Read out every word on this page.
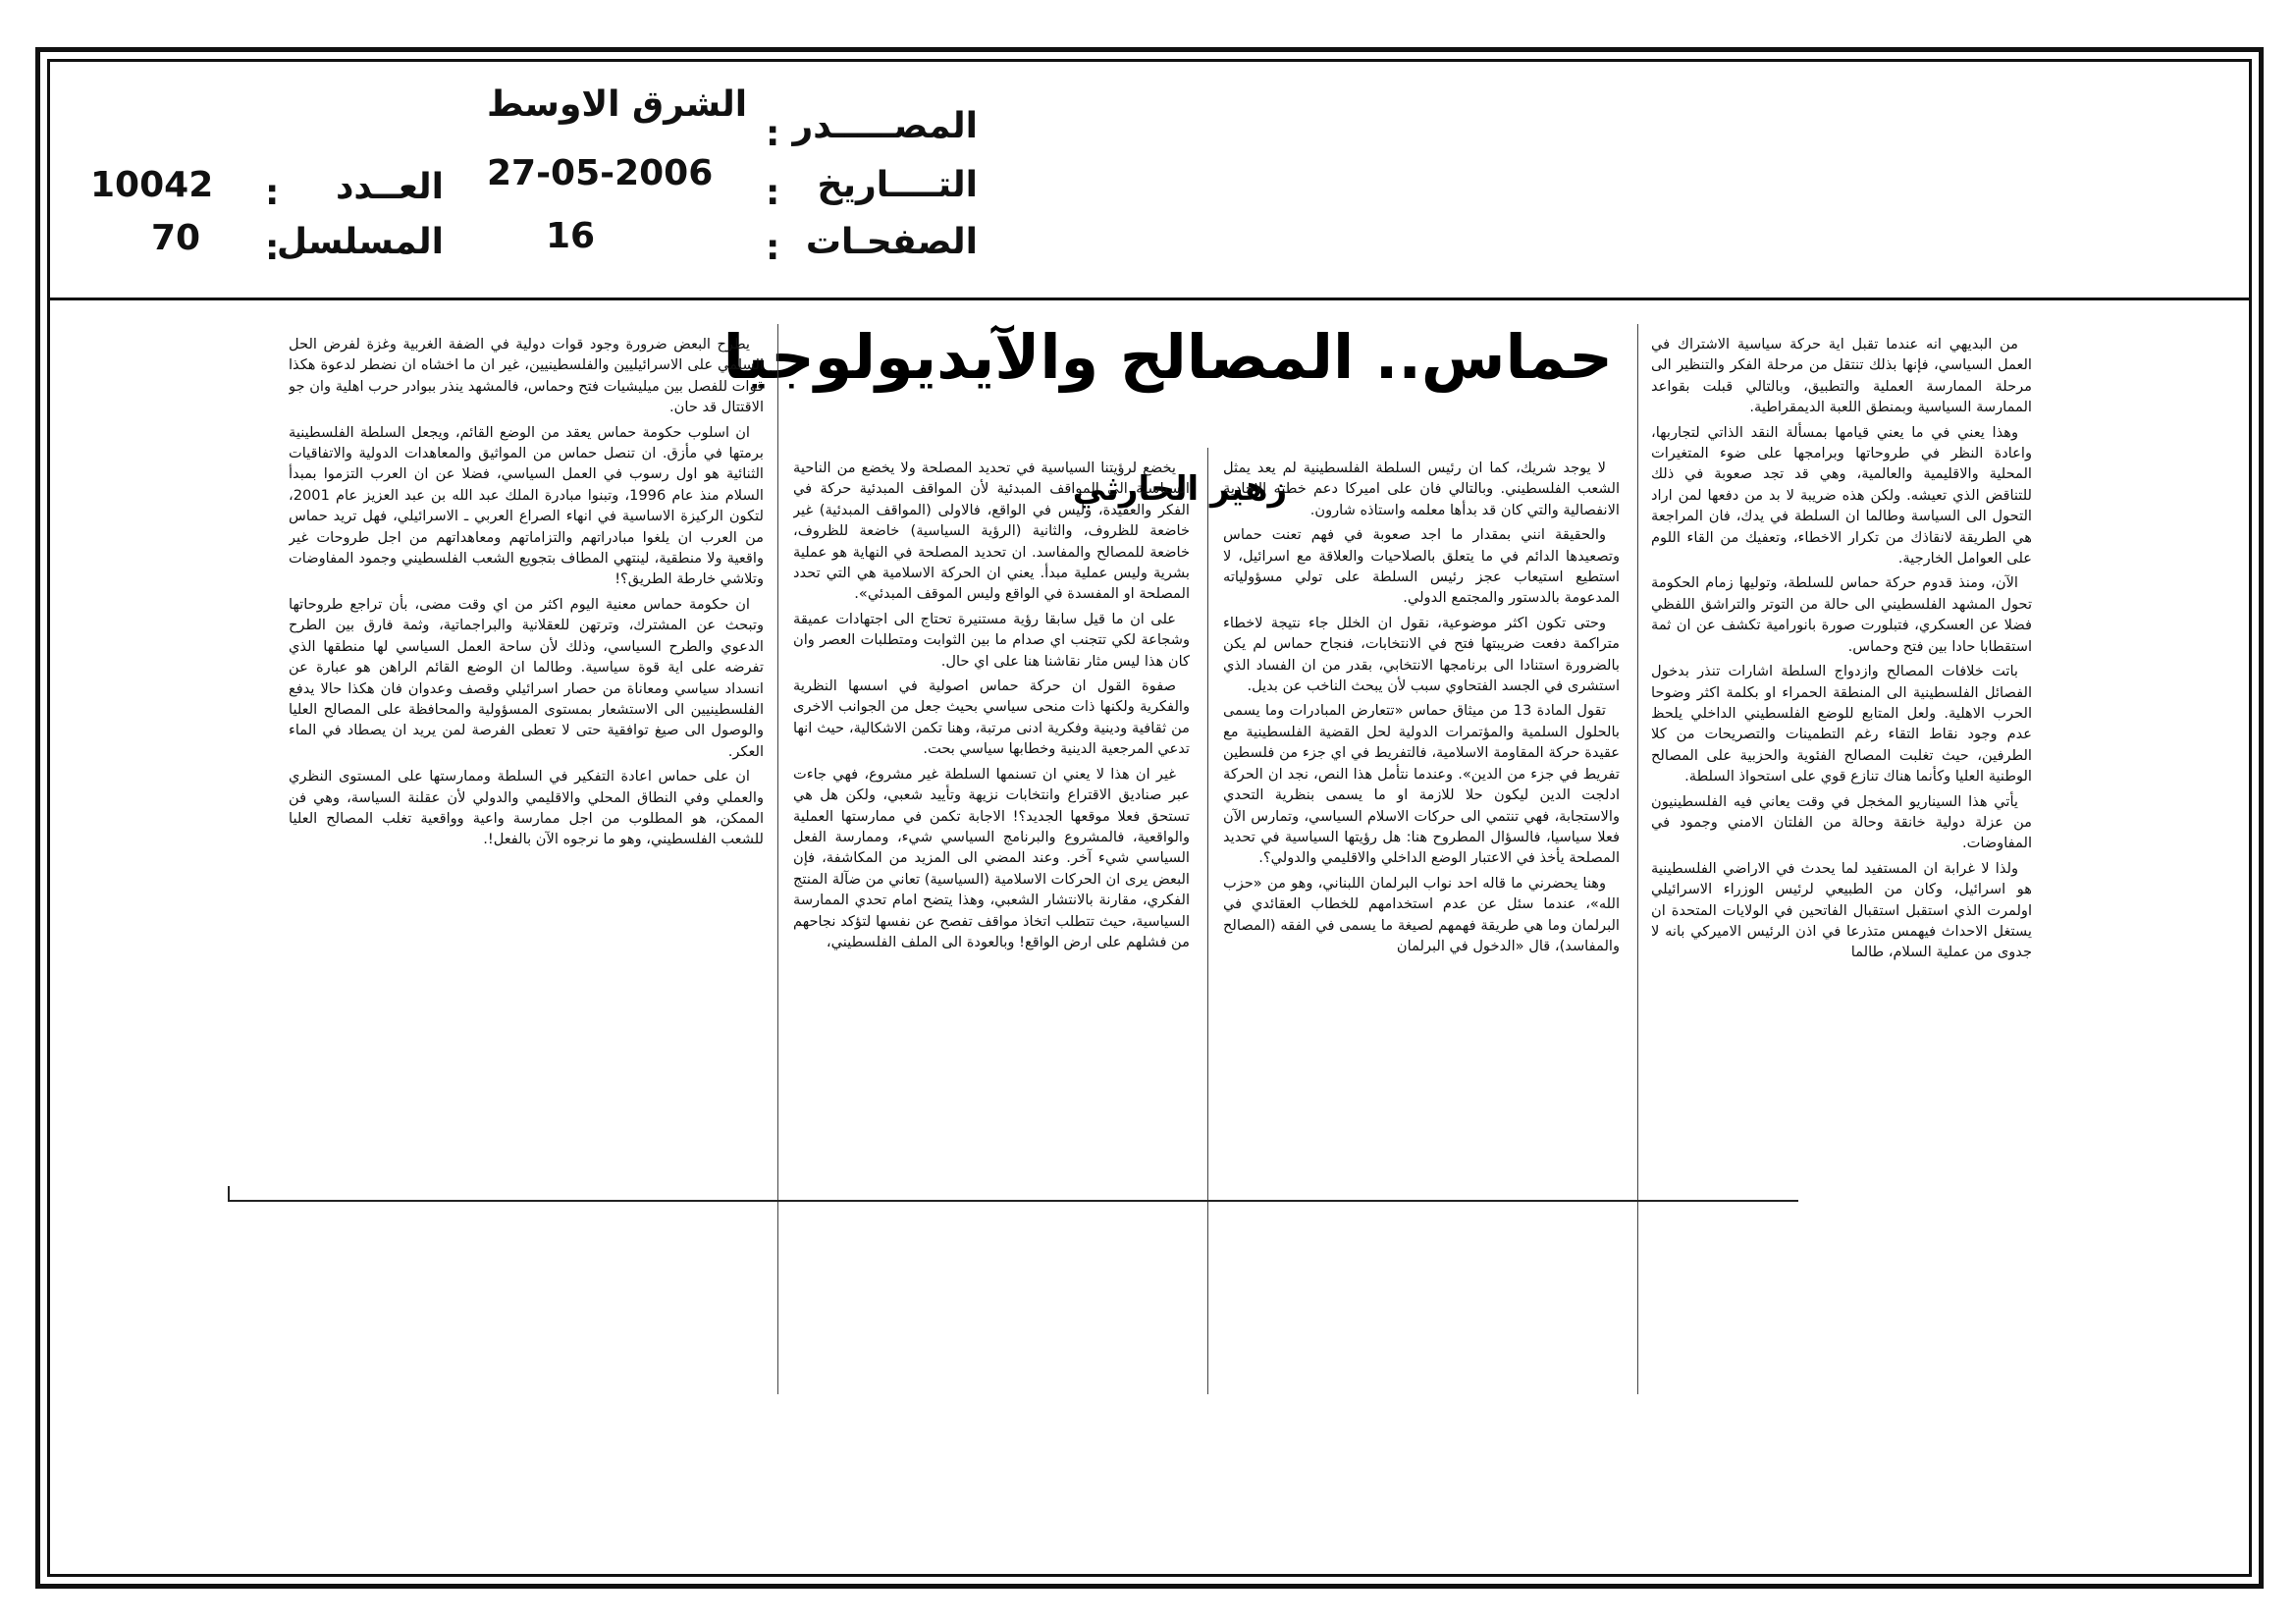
المصـــــدر
:
الشرق الاوسط
التــــاريخ
:
27-05-2006
الصفحـات
:
16
العــدد
:
10042
المسلسل
:
70

من البديهي انه عندما تقبل اية حركة سياسية الاشتراك في العمل السياسي، فإنها بذلك تنتقل من مرحلة الفكر والتنظير الى مرحلة الممارسة العملية والتطبيق، وبالتالي قبلت بقواعد الممارسة السياسية وبمنطق اللعبة الديمقراطية.

وهذا يعني في ما يعني قيامها بمسألة النقد الذاتي لتجاربها، واعادة النظر في طروحاتها وبرامجها على ضوء المتغيرات المحلية والاقليمية والعالمية، وهي قد تجد صعوبة في ذلك للتناقض الذي تعيشه. ولكن هذه ضريبة لا بد من دفعها لمن اراد التحول الى السياسة وطالما ان السلطة في يدك، فان المراجعة هي الطريقة لانقاذك من تكرار الاخطاء، وتعفيك من القاء اللوم على العوامل الخارجية.

الآن، ومنذ قدوم حركة حماس للسلطة، وتوليها زمام الحكومة تحول المشهد الفلسطيني الى حالة من التوتر والتراشق اللفظي فضلا عن العسكري، فتبلورت صورة بانورامية تكشف عن ان ثمة استقطابا حادا بين فتح وحماس.

باتت خلافات المصالح وازدواج السلطة اشارات تنذر بدخول الفصائل الفلسطينية الى المنطقة الحمراء او بكلمة اكثر وضوحا الحرب الاهلية. ولعل المتابع للوضع الفلسطيني الداخلي يلحظ عدم وجود نقاط التقاء رغم التطمينات والتصريحات من كلا الطرفين، حيث تغلبت المصالح الفئوية والحزبية على المصالح الوطنية العليا وكأنما هناك تنازع قوي على استحواذ السلطة.

يأتي هذا السيناريو المخجل في وقت يعاني فيه الفلسطينيون من عزلة دولية خانقة وحالة من الفلتان الامني وجمود في المفاوضات.

ولذا لا غرابة ان المستفيد لما يحدث في الاراضي الفلسطينية هو اسرائيل، وكان من الطبيعي لرئيس الوزراء الاسرائيلي اولمرت الذي استقبل استقبال الفاتحين في الولايات المتحدة ان يستغل الاحداث فيهمس متذرعا في اذن الرئيس الاميركي بانه لا جدوى من عملية السلام، طالما

حماس.. المصالح والآيديولوجيا
زهير الحارثي

لا يوجد شريك، كما ان رئيس السلطة الفلسطينية لم يعد يمثل الشعب الفلسطيني. وبالتالي فان على اميركا دعم خطته الاحادية الانفصالية والتي كان قد بدأها معلمه واستاذه شارون.

والحقيقة انني بمقدار ما اجد صعوبة في فهم تعنت حماس وتصعيدها الدائم في ما يتعلق بالصلاحيات والعلاقة مع اسرائيل، لا استطيع استيعاب عجز رئيس السلطة على تولي مسؤولياته المدعومة بالدستور والمجتمع الدولي.

وحتى تكون اكثر موضوعية، نقول ان الخلل جاء نتيجة لاخطاء متراكمة دفعت ضريبتها فتح في الانتخابات، فنجاح حماس لم يكن بالضرورة استنادا الى برنامجها الانتخابي، بقدر من ان الفساد الذي استشرى في الجسد الفتحاوي سبب لأن يبحث الناخب عن بديل.

تقول المادة 13 من ميثاق حماس «تتعارض المبادرات وما يسمى بالحلول السلمية والمؤتمرات الدولية لحل القضية الفلسطينية مع عقيدة حركة المقاومة الاسلامية، فالتفريط في اي جزء من فلسطين تفريط في جزء من الدين». وعندما نتأمل هذا النص، نجد ان الحركة ادلجت الدين ليكون حلا للازمة او ما يسمى بنظرية التحدي والاستجابة، فهي تنتمي الى حركات الاسلام السياسي، وتمارس الآن فعلا سياسيا، فالسؤال المطروح هنا: هل رؤيتها السياسية في تحديد المصلحة يأخذ في الاعتبار الوضع الداخلي والاقليمي والدولي؟.

وهنا يحضرني ما قاله احد نواب البرلمان اللبناني، وهو من «حزب الله»، عندما سئل عن عدم استخدامهم للخطاب العقائدي في البرلمان وما هي طريقة فهمهم لصيغة ما يسمى في الفقه (المصالح والمفاسد)، قال «الدخول في البرلمان

يخضع لرؤيتنا السياسية في تحديد المصلحة ولا يخضع من الناحية السياسية الى المواقف المبدئية لأن المواقف المبدئية حركة في الفكر والعقيدة، وليس في الواقع، فالاولى (المواقف المبدئية) غير خاضعة للظروف، والثانية (الرؤية السياسية) خاضعة للظروف، خاضعة للمصالح والمفاسد. ان تحديد المصلحة في النهاية هو عملية بشرية وليس عملية مبدأ. يعني ان الحركة الاسلامية هي التي تحدد المصلحة او المفسدة في الواقع وليس الموقف المبدئي».

على ان ما قيل سابقا رؤية مستنيرة تحتاج الى اجتهادات عميقة وشجاعة لكي تتجنب اي صدام ما بين الثوابت ومتطلبات العصر وان كان هذا ليس مثار نقاشنا هنا على اي حال.

صفوة القول ان حركة حماس اصولية في اسسها النظرية والفكرية ولكنها ذات منحى سياسي بحيث جعل من الجوانب الاخرى من ثقافية ودينية وفكرية ادنى مرتبة، وهنا تكمن الاشكالية، حيث انها تدعي المرجعية الدينية وخطابها سياسي بحت.

غير ان هذا لا يعني ان تسنمها السلطة غير مشروع، فهي جاءت عبر صناديق الاقتراع وانتخابات نزيهة وتأييد شعبي، ولكن هل هي تستحق فعلا موقعها الجديد؟! الاجابة تكمن في ممارستها العملية والواقعية، فالمشروع والبرنامج السياسي شيء، وممارسة الفعل السياسي شيء آخر. وعند المضي الى المزيد من المكاشفة، فإن البعض يرى ان الحركات الاسلامية (السياسية) تعاني من ضآلة المنتج الفكري، مقارنة بالانتشار الشعبي، وهذا يتضح امام تحدي الممارسة السياسية، حيث تتطلب اتخاذ مواقف تفصح عن نفسها لتؤكد نجاحهم من فشلهم على ارض الواقع! وبالعودة الى الملف الفلسطيني،

يطرح البعض ضرورة وجود قوات دولية في الضفة الغربية وغزة لفرض الحل السلمي على الاسرائيليين والفلسطينيين، غير ان ما اخشاه ان نضطر لدعوة هكذا قوات للفصل بين ميليشيات فتح وحماس، فالمشهد ينذر ببوادر حرب اهلية وان جو الاقتتال قد حان.

ان اسلوب حكومة حماس يعقد من الوضع القائم، ويجعل السلطة الفلسطينية برمتها في مأزق. ان تنصل حماس من المواثيق والمعاهدات الدولية والاتفاقيات الثنائية هو اول رسوب في العمل السياسي، فضلا عن ان العرب التزموا بمبدأ السلام منذ عام 1996، وتبنوا مبادرة الملك عبد الله بن عبد العزيز عام 2001، لتكون الركيزة الاساسية في انهاء الصراع العربي ـ الاسرائيلي، فهل تريد حماس من العرب ان يلغوا مبادراتهم والتزاماتهم ومعاهداتهم من اجل طروحات غير واقعية ولا منطقية، لينتهي المطاف بتجويع الشعب الفلسطيني وجمود المفاوضات وتلاشي خارطة الطريق؟!

ان حكومة حماس معنية اليوم اكثر من اي وقت مضى، بأن تراجع طروحاتها وتبحث عن المشترك، وترتهن للعقلانية والبراجماتية، وثمة فارق بين الطرح الدعوي والطرح السياسي، وذلك لأن ساحة العمل السياسي لها منطقها الذي تفرضه على اية قوة سياسية. وطالما ان الوضع القائم الراهن هو عبارة عن انسداد سياسي ومعاناة من حصار اسرائيلي وقصف وعدوان فان هكذا حالا يدفع الفلسطينيين الى الاستشعار بمستوى المسؤولية والمحافظة على المصالح العليا والوصول الى صيغ توافقية حتى لا تعطى الفرصة لمن يريد ان يصطاد في الماء العكر.

ان على حماس اعادة التفكير في السلطة وممارستها على المستوى النظري والعملي وفي النطاق المحلي والاقليمي والدولي لأن عقلنة السياسة، وهي فن الممكن، هو المطلوب من اجل ممارسة واعية وواقعية تغلب المصالح العليا للشعب الفلسطيني، وهو ما نرجوه الآن بالفعل!.
